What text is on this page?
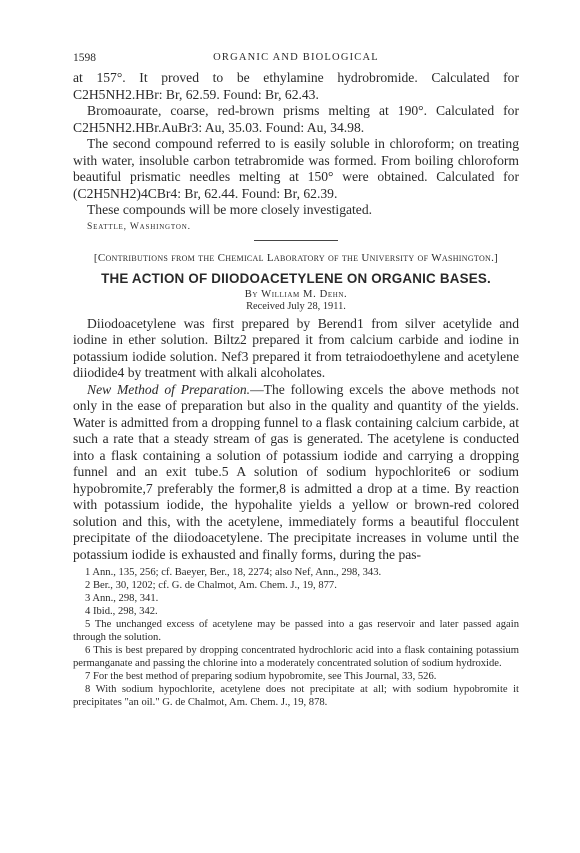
1598	ORGANIC AND BIOLOGICAL

at 157°. It proved to be ethylamine hydrobromide. Calculated for C2H5NH2.HBr: Br, 62.59. Found: Br, 62.43.

Bromoaurate, coarse, red-brown prisms melting at 190°. Calculated for C2H5NH2.HBr.AuBr3: Au, 35.03. Found: Au, 34.98.

The second compound referred to is easily soluble in chloroform; on treating with water, insoluble carbon tetrabromide was formed. From boiling chloroform beautiful prismatic needles melting at 150° were obtained. Calculated for (C2H5NH2)4CBr4: Br, 62.44. Found: Br, 62.39.

These compounds will be more closely investigated.

Seattle, Washington.

[Contributions from the Chemical Laboratory of the University of Washington.]

THE ACTION OF DIIODOACETYLENE ON ORGANIC BASES.

By William M. Dehn.

Received July 28, 1911.

Diiodoacetylene was first prepared by Berend1 from silver acetylide and iodine in ether solution. Biltz2 prepared it from calcium carbide and iodine in potassium iodide solution. Nef3 prepared it from tetraiodoethylene and acetylene diiodide4 by treatment with alkali alcoholates.

New Method of Preparation.—The following excels the above methods not only in the ease of preparation but also in the quality and quantity of the yields. Water is admitted from a dropping funnel to a flask containing calcium carbide, at such a rate that a steady stream of gas is generated. The acetylene is conducted into a flask containing a solution of potassium iodide and carrying a dropping funnel and an exit tube.5 A solution of sodium hypochlorite6 or sodium hypobromite,7 preferably the former,8 is admitted a drop at a time. By reaction with potassium iodide, the hypohalite yields a yellow or brown-red colored solution and this, with the acetylene, immediately forms a beautiful flocculent precipitate of the diiodoacetylene. The precipitate increases in volume until the potassium iodide is exhausted and finally forms, during the pas-

1 Ann., 135, 256; cf. Baeyer, Ber., 18, 2274; also Nef, Ann., 298, 343.

2 Ber., 30, 1202; cf. G. de Chalmot, Am. Chem. J., 19, 877.

3 Ann., 298, 341.

4 Ibid., 298, 342.

5 The unchanged excess of acetylene may be passed into a gas reservoir and later passed again through the solution.

6 This is best prepared by dropping concentrated hydrochloric acid into a flask containing potassium permanganate and passing the chlorine into a moderately concentrated solution of sodium hydroxide.

7 For the best method of preparing sodium hypobromite, see This Journal, 33, 526.

8 With sodium hypochlorite, acetylene does not precipitate at all; with sodium hypobromite it precipitates "an oil." G. de Chalmot, Am. Chem. J., 19, 878.
